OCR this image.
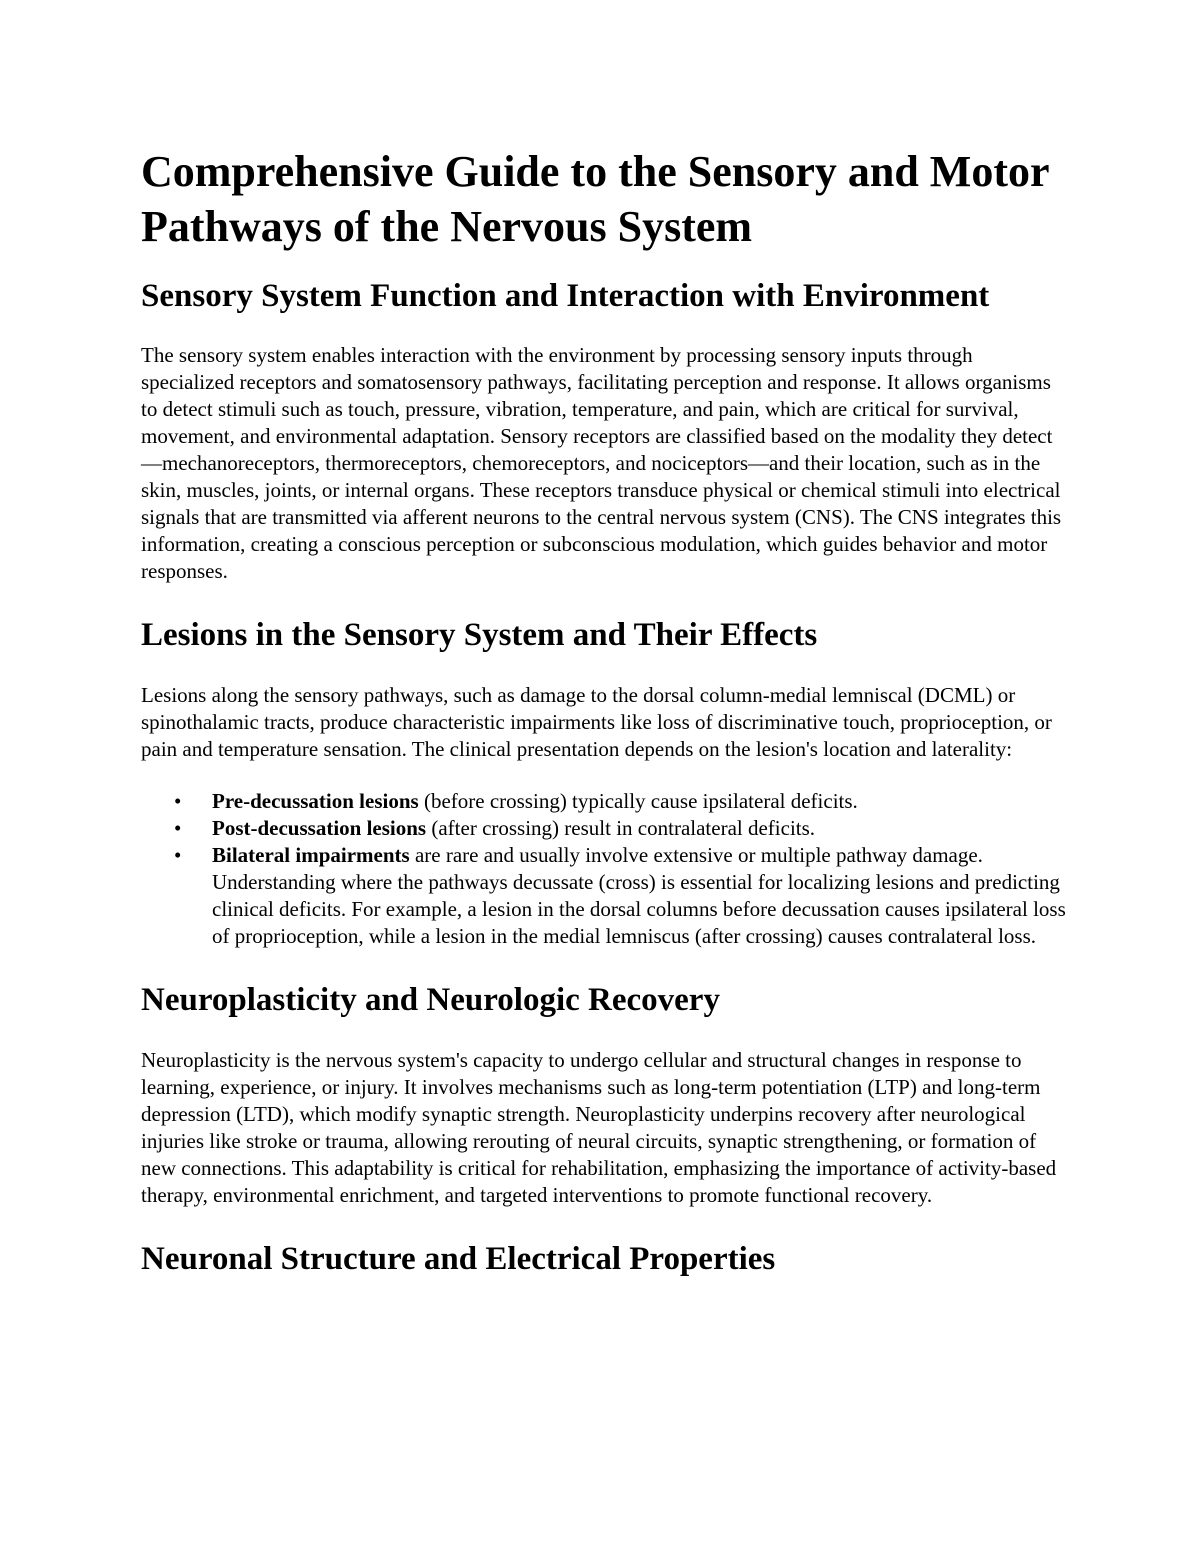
Comprehensive Guide to the Sensory and Motor Pathways of the Nervous System
Sensory System Function and Interaction with Environment

The sensory system enables interaction with the environment by processing sensory inputs through specialized receptors and somatosensory pathways, facilitating perception and response. It allows organisms to detect stimuli such as touch, pressure, vibration, temperature, and pain, which are critical for survival, movement, and environmental adaptation. Sensory receptors are classified based on the modality they detect—mechanoreceptors, thermoreceptors, chemoreceptors, and nociceptors—and their location, such as in the skin, muscles, joints, or internal organs. These receptors transduce physical or chemical stimuli into electrical signals that are transmitted via afferent neurons to the central nervous system (CNS). The CNS integrates this information, creating a conscious perception or subconscious modulation, which guides behavior and motor responses.

Lesions in the Sensory System and Their Effects

Lesions along the sensory pathways, such as damage to the dorsal column-medial lemniscal (DCML) or spinothalamic tracts, produce characteristic impairments like loss of discriminative touch, proprioception, or pain and temperature sensation. The clinical presentation depends on the lesion's location and laterality:

• Pre-decussation lesions (before crossing) typically cause ipsilateral deficits.
• Post-decussation lesions (after crossing) result in contralateral deficits.
• Bilateral impairments are rare and usually involve extensive or multiple pathway damage. Understanding where the pathways decussate (cross) is essential for localizing lesions and predicting clinical deficits. For example, a lesion in the dorsal columns before decussation causes ipsilateral loss of proprioception, while a lesion in the medial lemniscus (after crossing) causes contralateral loss.
Neuroplasticity and Neurologic Recovery

Neuroplasticity is the nervous system's capacity to undergo cellular and structural changes in response to learning, experience, or injury. It involves mechanisms such as long-term potentiation (LTP) and long-term depression (LTD), which modify synaptic strength. Neuroplasticity underpins recovery after neurological injuries like stroke or trauma, allowing rerouting of neural circuits, synaptic strengthening, or formation of new connections. This adaptability is critical for rehabilitation, emphasizing the importance of activity-based therapy, environmental enrichment, and targeted interventions to promote functional recovery.

Neuronal Structure and Electrical Properties
